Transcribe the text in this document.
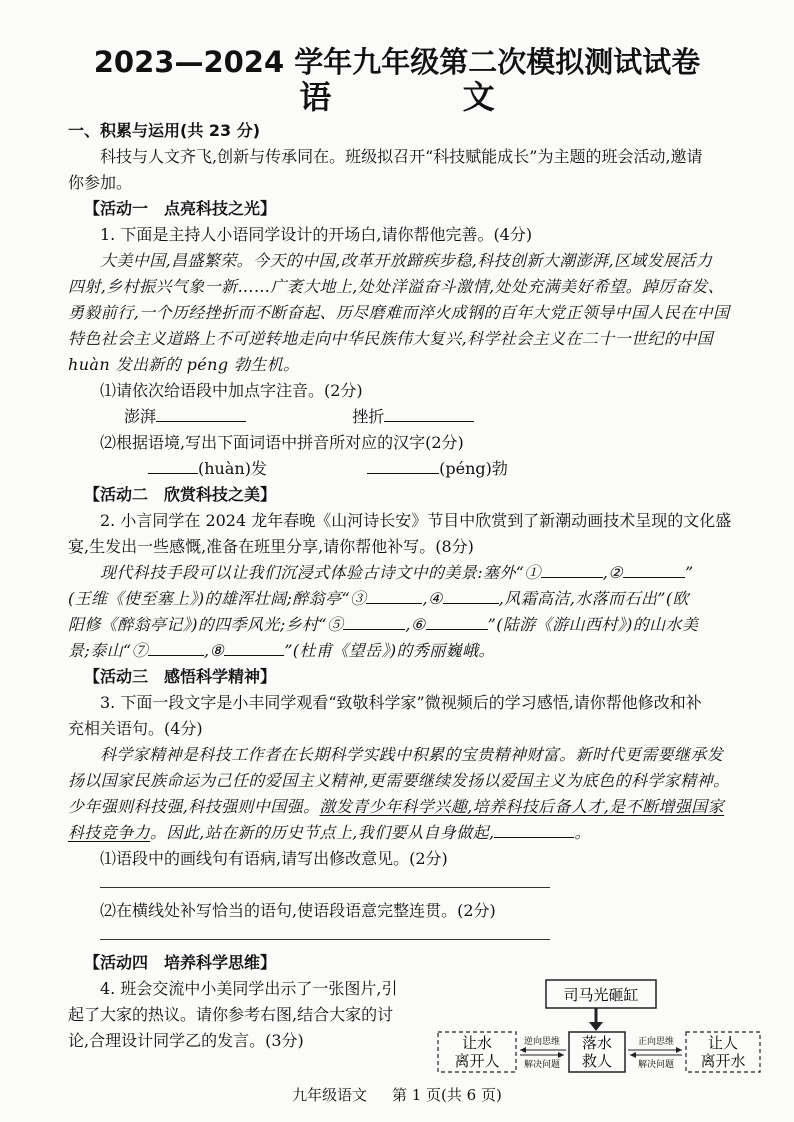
2023—2024 学年九年级第二次模拟测试试卷
语 文

一、积累与运用(共 23 分)

科技与人文齐飞,创新与传承同在。班级拟召开“科技赋能成长”为主题的班会活动,邀请

你参加。

【活动一　点亮科技之光】

1. 下面是主持人小语同学设计的开场白,请你帮他完善。(4分)

大美中国,昌盛繁荣。今天的中国,改革开放蹄疾步稳,科技创新大潮澎湃,区域发展活力

四射,乡村振兴气象一新……广袤大地上,处处洋溢奋斗激情,处处充满美好希望。踔厉奋发、

勇毅前行,一个历经挫折而不断奋起、历尽磨难而淬火成钢的百年大党正领导中国人民在中国

特色社会主义道路上不可逆转地走向中华民族伟大复兴,科学社会主义在二十一世纪的中国

huàn 发出新的 péng 勃生机。

⑴请依次给语段中加点字注音。(2分)

澎湃	挫折

⑵根据语境,写出下面词语中拼音所对应的汉字(2分)

(huàn)发	(péng)勃

【活动二　欣赏科技之美】

2. 小言同学在 2024 龙年春晚《山河诗长安》节目中欣赏到了新潮动画技术呈现的文化盛

宴,生发出一些感慨,准备在班里分享,请你帮他补写。(8分)

现代科技手段可以让我们沉浸式体验古诗文中的美景:塞外“①	,②	”

(王维《使至塞上》)的雄浑壮阔;醉翁亭“③	,④	,风霜高洁,水落而石出”(欧

阳修《醉翁亭记》)的四季风光;乡村“⑤	,⑥	”(陆游《游山西村》)的山水美

景;泰山“⑦	,⑧	”(杜甫《望岳》)的秀丽巍峨。

【活动三　感悟科学精神】

3. 下面一段文字是小丰同学观看“致敬科学家”微视频后的学习感悟,请你帮他修改和补

充相关语句。(4分)

科学家精神是科技工作者在长期科学实践中积累的宝贵精神财富。新时代更需要继承发

扬以国家民族命运为己任的爱国主义精神,更需要继续发扬以爱国主义为底色的科学家精神。

少年强则科技强,科技强则中国强。激发青少年科学兴趣,培养科技后备人才,是不断增强国家

科技竞争力。因此,站在新的历史节点上,我们要从自身做起,	。

⑴语段中的画线句有语病,请写出修改意见。(2分)

⑵在横线处补写恰当的语句,使语段语意完整连贯。(2分)

【活动四　培养科学思维】

4. 班会交流中小美同学出示了一张图片,引

起了大家的热议。请你参考右图,结合大家的讨

论,合理设计同学乙的发言。(3分)

司马光砸缸
让水
离开人
落水
救人
让人
离开水
逆向思维
解决问题
正向思维
解决问题
九年级语文 第 1 页(共 6 页)
